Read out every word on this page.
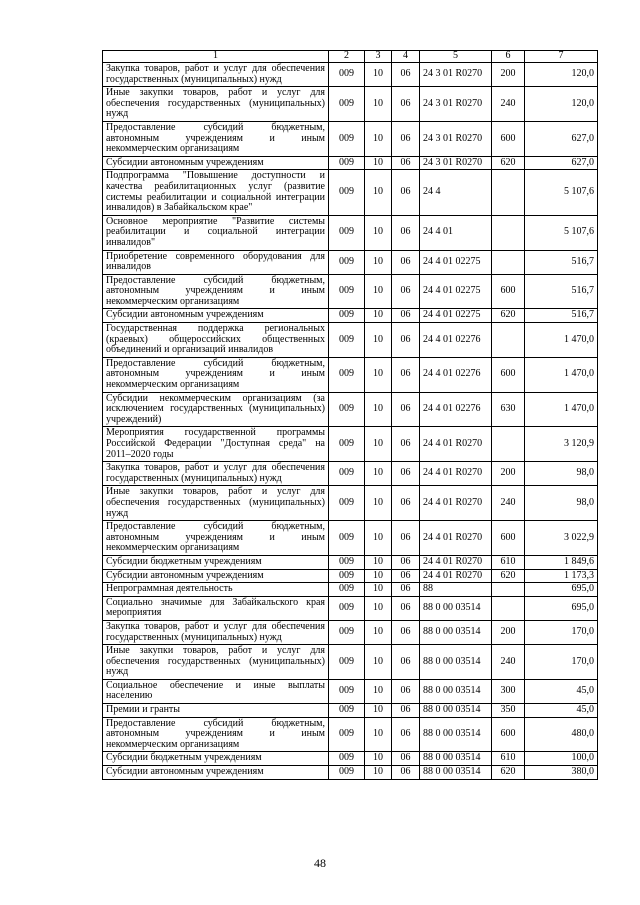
1	2	3	4	5	6	7
Закупка товаров, работ и услуг для обеспечения государственных (муниципальных) нужд	009	10	06	24 3 01 R0270	200	120,0
Иные закупки товаров, работ и услуг для обеспечения государственных (муниципальных) нужд	009	10	06	24 3 01 R0270	240	120,0
Предоставление субсидий бюджетным, автономным учреждениям и иным некоммерческим организациям	009	10	06	24 3 01 R0270	600	627,0
Субсидии автономным учреждениям	009	10	06	24 3 01 R0270	620	627,0
Подпрограмма "Повышение доступности и качества реабилитационных услуг (развитие системы реабилитации и социальной интеграции инвалидов) в Забайкальском крае"	009	10	06	24 4		5 107,6
Основное мероприятие "Развитие системы реабилитации и социальной интеграции инвалидов"	009	10	06	24 4 01		5 107,6
Приобретение современного оборудования для инвалидов	009	10	06	24 4 01 02275		516,7
Предоставление субсидий бюджетным, автономным учреждениям и иным некоммерческим организациям	009	10	06	24 4 01 02275	600	516,7
Субсидии автономным учреждениям	009	10	06	24 4 01 02275	620	516,7
Государственная поддержка региональных (краевых) общероссийских общественных объединений и организаций инвалидов	009	10	06	24 4 01 02276		1 470,0
Предоставление субсидий бюджетным, автономным учреждениям и иным некоммерческим организациям	009	10	06	24 4 01 02276	600	1 470,0
Субсидии некоммерческим организациям (за исключением государственных (муниципальных) учреждений)	009	10	06	24 4 01 02276	630	1 470,0
Мероприятия государственной программы Российской Федерации "Доступная среда" на 2011–2020 годы	009	10	06	24 4 01 R0270		3 120,9
Закупка товаров, работ и услуг для обеспечения государственных (муниципальных) нужд	009	10	06	24 4 01 R0270	200	98,0
Иные закупки товаров, работ и услуг для обеспечения государственных (муниципальных) нужд	009	10	06	24 4 01 R0270	240	98,0
Предоставление субсидий бюджетным, автономным учреждениям и иным некоммерческим организациям	009	10	06	24 4 01 R0270	600	3 022,9
Субсидии бюджетным учреждениям	009	10	06	24 4 01 R0270	610	1 849,6
Субсидии автономным учреждениям	009	10	06	24 4 01 R0270	620	1 173,3
Непрограммная деятельность	009	10	06	88		695,0
Социально значимые для Забайкальского края мероприятия	009	10	06	88 0 00 03514		695,0
Закупка товаров, работ и услуг для обеспечения государственных (муниципальных) нужд	009	10	06	88 0 00 03514	200	170,0
Иные закупки товаров, работ и услуг для обеспечения государственных (муниципальных) нужд	009	10	06	88 0 00 03514	240	170,0
Социальное обеспечение и иные выплаты населению	009	10	06	88 0 00 03514	300	45,0
Премии и гранты	009	10	06	88 0 00 03514	350	45,0
Предоставление субсидий бюджетным, автономным учреждениям и иным некоммерческим организациям	009	10	06	88 0 00 03514	600	480,0
Субсидии бюджетным учреждениям	009	10	06	88 0 00 03514	610	100,0
Субсидии автономным учреждениям	009	10	06	88 0 00 03514	620	380,0
48
